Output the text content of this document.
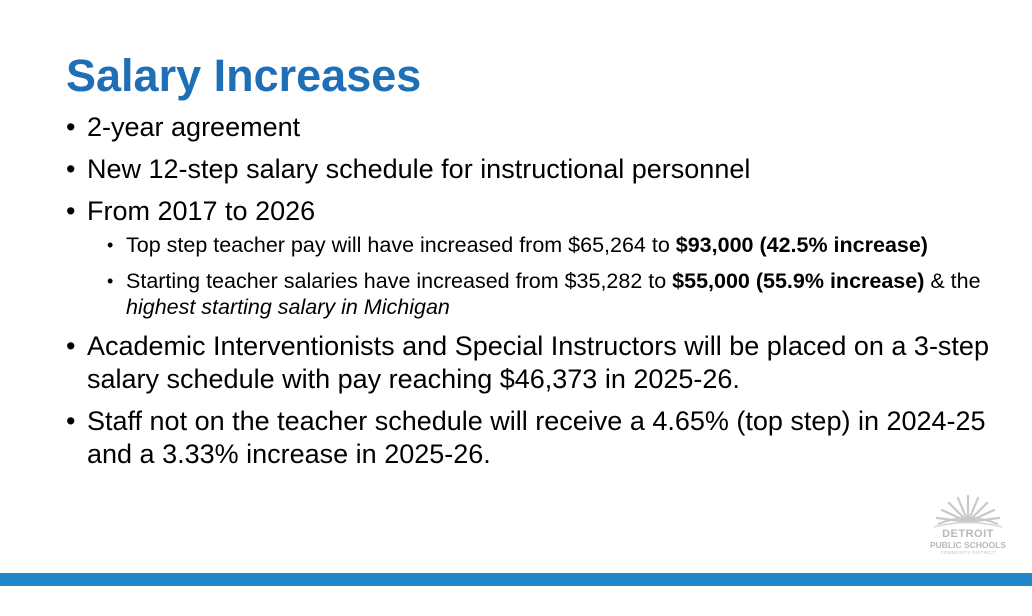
Salary Increases
• 2-year agreement
• New 12-step salary schedule for instructional personnel
• From 2017 to 2026
• Top step teacher pay will have increased from $65,264 to $93,000 (42.5% increase)
• Starting teacher salaries have increased from $35,282 to $55,000 (55.9% increase) & the highest starting salary in Michigan
• Academic Interventionists and Special Instructors will be placed on a 3-step salary schedule with pay reaching $46,373 in 2025-26.
• Staff not on the teacher schedule will receive a 4.65% (top step) in 2024-25 and a 3.33% increase in 2025-26.
DETROIT
PUBLIC SCHOOLS
COMMUNITY DISTRICT
